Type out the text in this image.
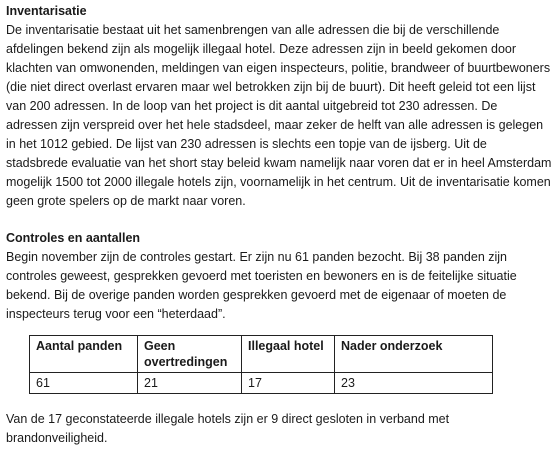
Inventarisatie

De inventarisatie bestaat uit het samenbrengen van alle adressen die bij de verschillende afdelingen bekend zijn als mogelijk illegaal hotel. Deze adressen zijn in beeld gekomen door klachten van omwonenden, meldingen van eigen inspecteurs, politie, brandweer of buurtbewoners (die niet direct overlast ervaren maar wel betrokken zijn bij de buurt). Dit heeft geleid tot een lijst van 200 adressen. In de loop van het project is dit aantal uitgebreid tot 230 adressen. De adressen zijn verspreid over het hele stadsdeel, maar zeker de helft van alle adressen is gelegen in het 1012 gebied. De lijst van 230 adressen is slechts een topje van de ijsberg. Uit de stadsbrede evaluatie van het short stay beleid kwam namelijk naar voren dat er in heel Amsterdam mogelijk 1500 tot 2000 illegale hotels zijn, voornamelijk in het centrum. Uit de inventarisatie komen geen grote spelers op de markt naar voren.

Controles en aantallen

Begin november zijn de controles gestart. Er zijn nu 61 panden bezocht. Bij 38 panden zijn controles geweest, gesprekken gevoerd met toeristen en bewoners en is de feitelijke situatie bekend. Bij de overige panden worden gesprekken gevoerd met de eigenaar of moeten de inspecteurs terug voor een “heterdaad”.

Aantal panden	Geen overtredingen	Illegaal hotel	Nader onderzoek
61	21	17	23

Van de 17 geconstateerde illegale hotels zijn er 9 direct gesloten in verband met brandonveiligheid.
